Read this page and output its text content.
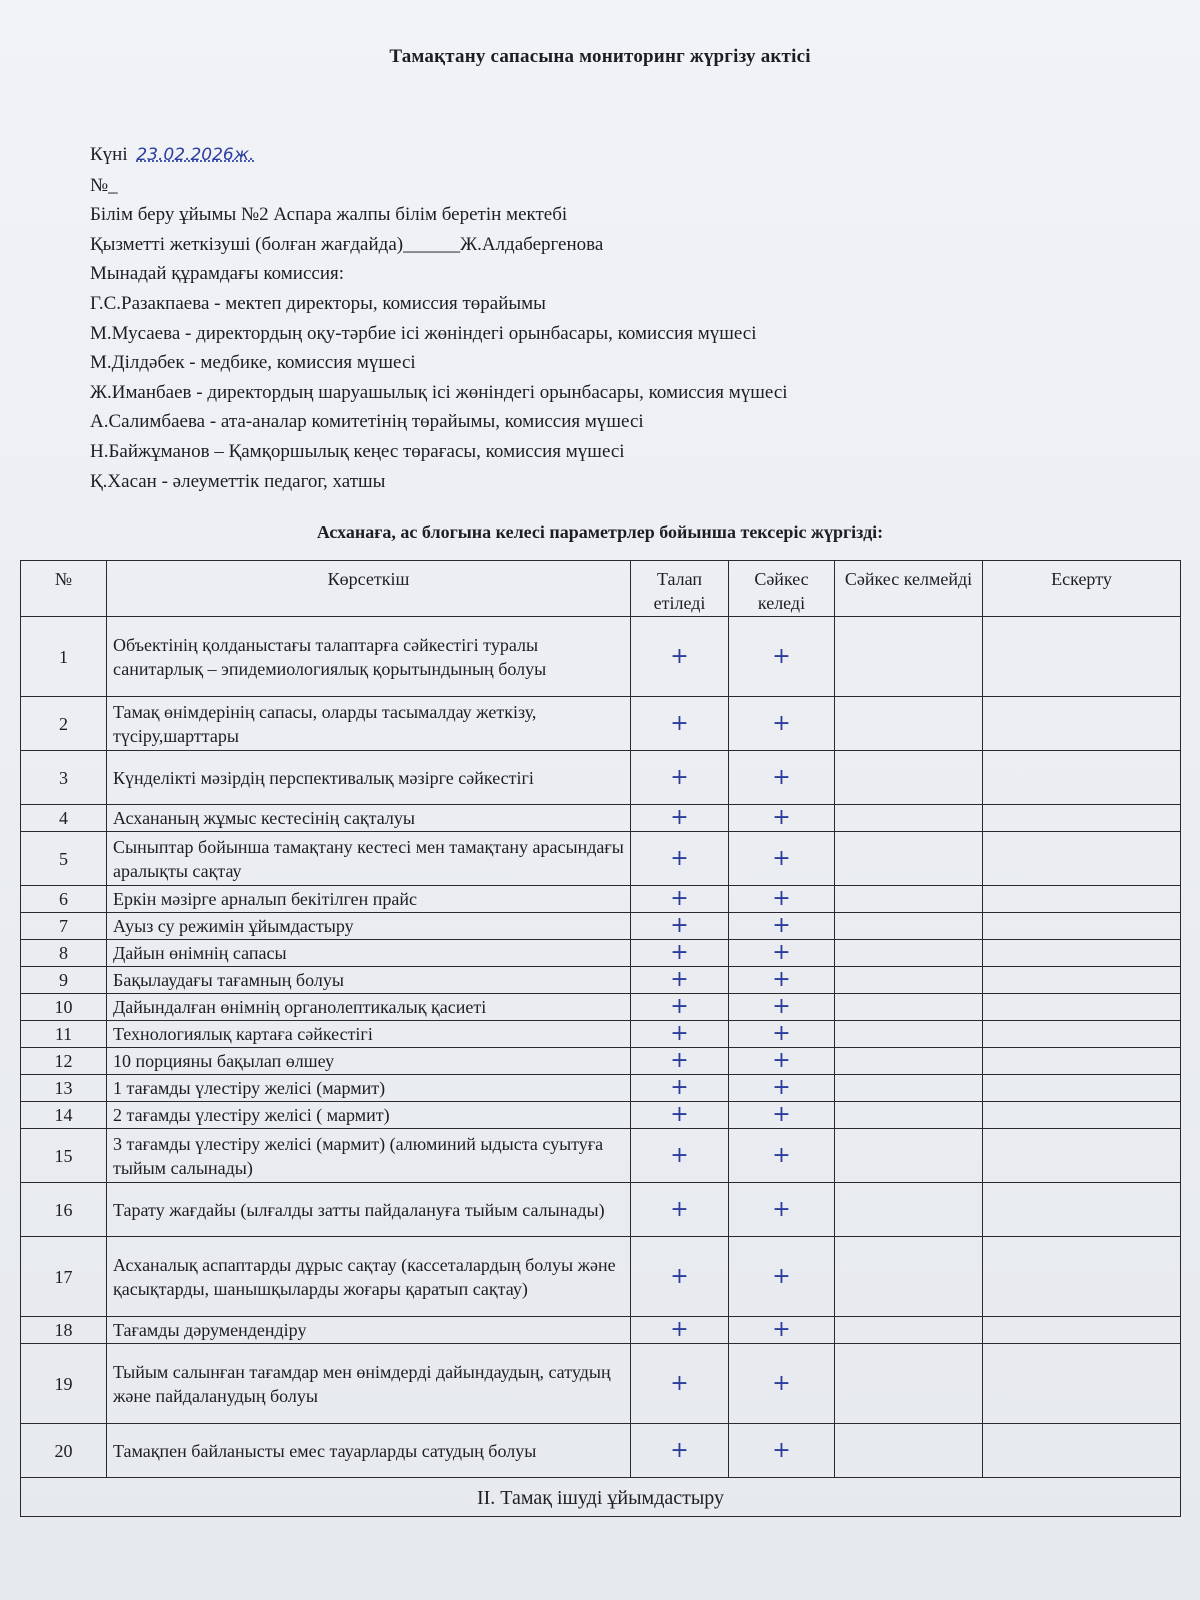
Тамақтану сапасына мониторинг жүргізу актісі
Күні 23.02.2026ж.
№_
Білім беру ұйымы №2 Аспара жалпы білім беретін мектебі
Қызметті жеткізуші (болған жағдайда)______Ж.Алдабергенова
Мынадай құрамдағы комиссия:
Г.С.Разакпаева - мектеп директоры, комиссия төрайымы
М.Мусаева - директордың оқу-тәрбие ісі жөніндегі орынбасары, комиссия мүшесі
М.Ділдәбек - медбике, комиссия мүшесі
Ж.Иманбаев - директордың шаруашылық ісі жөніндегі орынбасары, комиссия мүшесі
А.Салимбаева - ата-аналар комитетінің төрайымы, комиссия мүшесі
Н.Байжұманов – Қамқоршылық кеңес төрағасы, комиссия мүшесі
Қ.Хасан - әлеуметтік педагог, хатшы
Асханаға, ас блогына келесі параметрлер бойынша тексеріс жүргізді:
№	Көрсеткіш	Талап етіледі	Сәйкес келеді	Сәйкес келмейді	Ескерту
1	Объектінің қолданыстағы талаптарға сәйкестігі туралы санитарлық – эпидемиологиялық қорытындының болуы	+	+		
2	Тамақ өнімдерінің сапасы, оларды тасымалдау жеткізу, түсіру,шарттары	+	+		
3	Күнделікті мәзірдің перспективалық мәзірге сәйкестігі	+	+		
4	Асхананың жұмыс кестесінің сақталуы	+	+		
5	Сыныптар бойынша тамақтану кестесі мен тамақтану арасындағы аралықты сақтау	+	+		
6	Еркін мәзірге арналып бекітілген прайс	+	+		
7	Ауыз су режимін ұйымдастыру	+	+		
8	Дайын өнімнің сапасы	+	+		
9	Бақылаудағы тағамның болуы	+	+		
10	Дайындалған өнімнің органолептикалық қасиеті	+	+		
11	Технологиялық картаға сәйкестігі	+	+		
12	10 порцияны бақылап өлшеу	+	+		
13	1 тағамды үлестіру желісі (мармит)	+	+		
14	2 тағамды үлестіру желісі ( мармит)	+	+		
15	3 тағамды үлестіру желісі (мармит) (алюминий ыдыста суытуға тыйым салынады)	+	+		
16	Тарату жағдайы (ылғалды затты пайдалануға тыйым салынады)	+	+		
17	Асханалық аспаптарды дұрыс сақтау (кассеталардың болуы және қасықтарды, шанышқыларды жоғары қаратып сақтау)	+	+		
18	Тағамды дәрумендендіру	+	+		
19	Тыйым салынған тағамдар мен өнімдерді дайындаудың, сатудың және пайдаланудың болуы	+	+		
20	Тамақпен байланысты емес тауарларды сатудың болуы	+	+		
ІІ. Тамақ ішуді ұйымдастыру					
